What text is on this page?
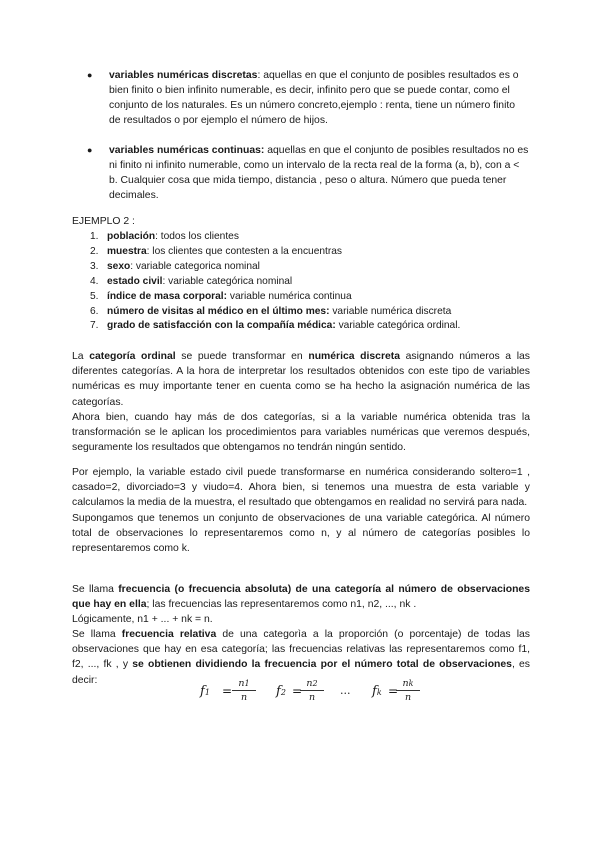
● variables numéricas discretas: aquellas en que el conjunto de posibles resultados es o bien finito o bien infinito numerable, es decir, infinito pero que se puede contar, como el conjunto de los naturales. Es un número concreto,ejemplo : renta, tiene un número finito de resultados o por ejemplo el número de hijos.
● variables numéricas continuas: aquellas en que el conjunto de posibles resultados no es ni finito ni infinito numerable, como un intervalo de la recta real de la forma (a, b), con a < b. Cualquier cosa que mida tiempo, distancia , peso o altura. Número que pueda tener decimales.
EJEMPLO 2 :
1. población: todos los clientes
2. muestra: los clientes que contesten a la encuentras
3. sexo: variable categorica nominal
4. estado civil: variable categórica nominal
5. índice de masa corporal: variable numérica continua
6. número de visitas al médico en el último mes: variable numérica discreta
7. grado de satisfacción con la compañía médica: variable categórica ordinal.

La categoría ordinal se puede transformar en numérica discreta asignando números a las diferentes categorías. A la hora de interpretar los resultados obtenidos con este tipo de variables numéricas es muy importante tener en cuenta como se ha hecho la asignación numérica de las categorías.

Ahora bien, cuando hay más de dos categorías, si a la variable numérica obtenida tras la transformación se le aplican los procedimientos para variables numéricas que veremos después, seguramente los resultados que obtengamos no tendrán ningún sentido.

Por ejemplo, la variable estado civil puede transformarse en numérica considerando soltero=1 , casado=2, divorciado=3 y viudo=4. Ahora bien, si tenemos una muestra de esta variable y calculamos la media de la muestra, el resultado que obtengamos en realidad no servirá para nada.

Supongamos que tenemos un conjunto de observaciones de una variable categórica. Al número total de observaciones lo representaremos como n, y al número de categorías posibles lo representaremos como k.

Se llama frecuencia (o frecuencia absoluta) de una categoría al número de observaciones que hay en ella; las frecuencias las representaremos como n1, n2, ..., nk .

Lógicamente, n1 + ... + nk = n.

Se llama frecuencia relativa de una categorìa a la proporción (o porcentaje) de todas las observaciones que hay en esa categoría; las frecuencias relativas las representaremos como f1, f2, ..., fk , y se obtienen dividiendo la frecuencia por el número total de observaciones, es decir:

f1 =
n1
n	f2 =
n2
n
... fk =
nk
n
